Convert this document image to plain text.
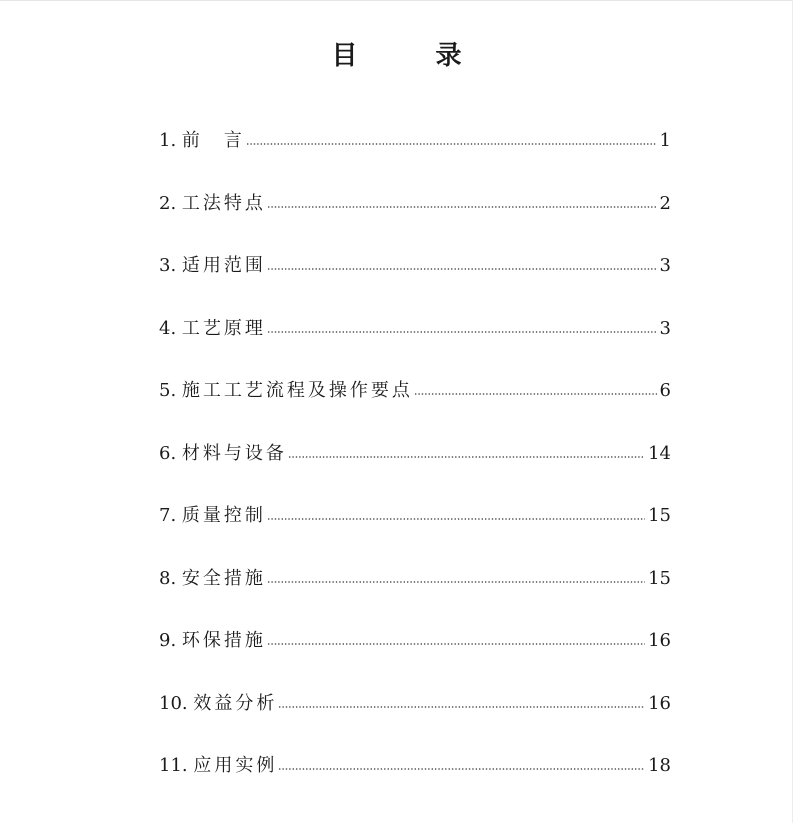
目　录
1. 前　言	1
2. 工法特点	2
3. 适用范围	3
4. 工艺原理	3
5. 施工工艺流程及操作要点	6
6. 材料与设备	14
7. 质量控制	15
8. 安全措施	15
9. 环保措施	16
10. 效益分析	16
11. 应用实例	18
